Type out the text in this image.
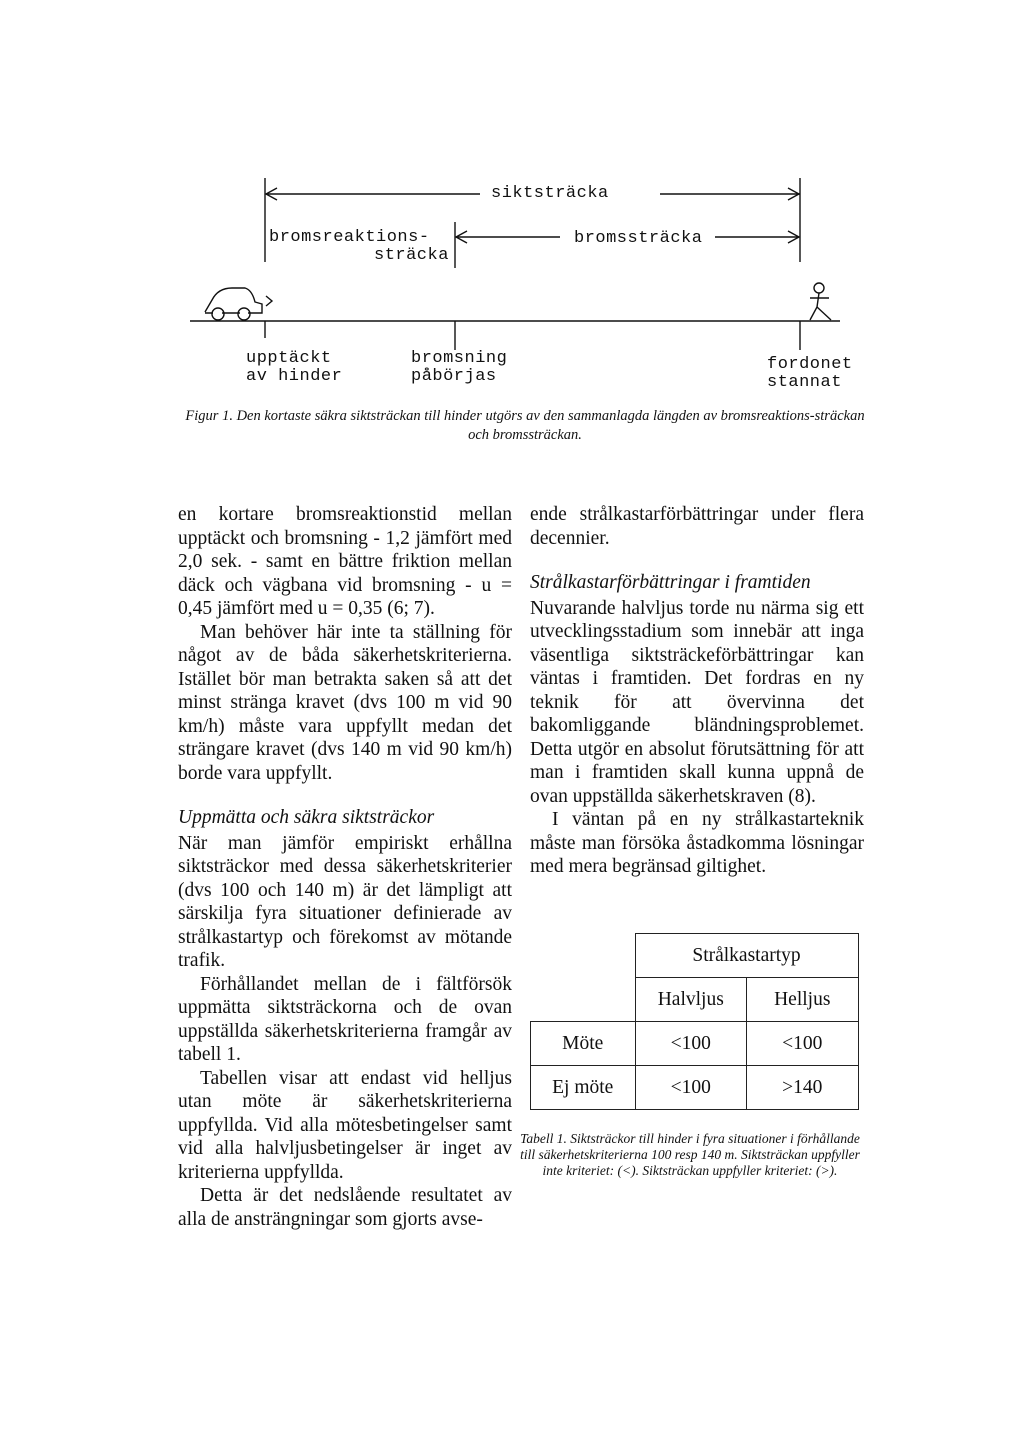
siktsträcka
bromsreaktions-
sträcka
bromssträcka
upptäckt
av hinder
bromsning
påbörjas
fordonet
stannat
Figur 1. Den kortaste säkra siktsträckan till hinder utgörs av den sammanlagda längden av bromsreaktions-sträckan och bromssträckan.

en kortare bromsreaktionstid mellan upptäckt och bromsning - 1,2 jämfört med 2,0 sek. - samt en bättre friktion mellan däck och vägbana vid bromsning - u = 0,45 jämfört med u = 0,35 (6; 7).

Man behöver här inte ta ställning för något av de båda säkerhetskriterierna. Istället bör man betrakta saken så att det minst stränga kravet (dvs 100 m vid 90 km/h) måste vara uppfyllt medan det strängare kravet (dvs 140 m vid 90 km/h) borde vara uppfyllt.

Uppmätta och säkra siktsträckor

När man jämför empiriskt erhållna siktsträckor med dessa säkerhetskriterier (dvs 100 och 140 m) är det lämpligt att särskilja fyra situationer definierade av strålkastartyp och förekomst av mötande trafik.

Förhållandet mellan de i fältförsök uppmätta siktsträckorna och de ovan uppställda säkerhetskriterierna framgår av tabell 1.

Tabellen visar att endast vid helljus utan möte är säkerhetskriterierna uppfyllda. Vid alla mötesbetingelser samt vid alla halvljusbetingelser är inget av kriterierna uppfyllda.

Detta är det nedslående resultatet av alla de ansträngningar som gjorts avse-

ende strålkastarförbättringar under flera decennier.

Strålkastarförbättringar i framtiden

Nuvarande halvljus torde nu närma sig ett utvecklingsstadium som innebär att inga väsentliga siktsträckeförbättringar kan väntas i framtiden. Det fordras en ny teknik för att övervinna det bakomliggande bländningsproblemet. Detta utgör en absolut förutsättning för att man i framtiden skall kunna uppnå de ovan uppställda säkerhetskraven (8).

I väntan på en ny strålkastarteknik måste man försöka åstadkomma lösningar med mera begränsad giltighet.

	Strålkastartyp	
	Halvljus	Helljus
Möte	<100	<100
Ej möte	<100	>140
Tabell 1. Siktsträckor till hinder i fyra situationer i förhållande till säkerhetskriterierna 100 resp 140 m. Siktsträckan uppfyller inte kriteriet: (<). Siktsträckan uppfyller kriteriet: (>).
